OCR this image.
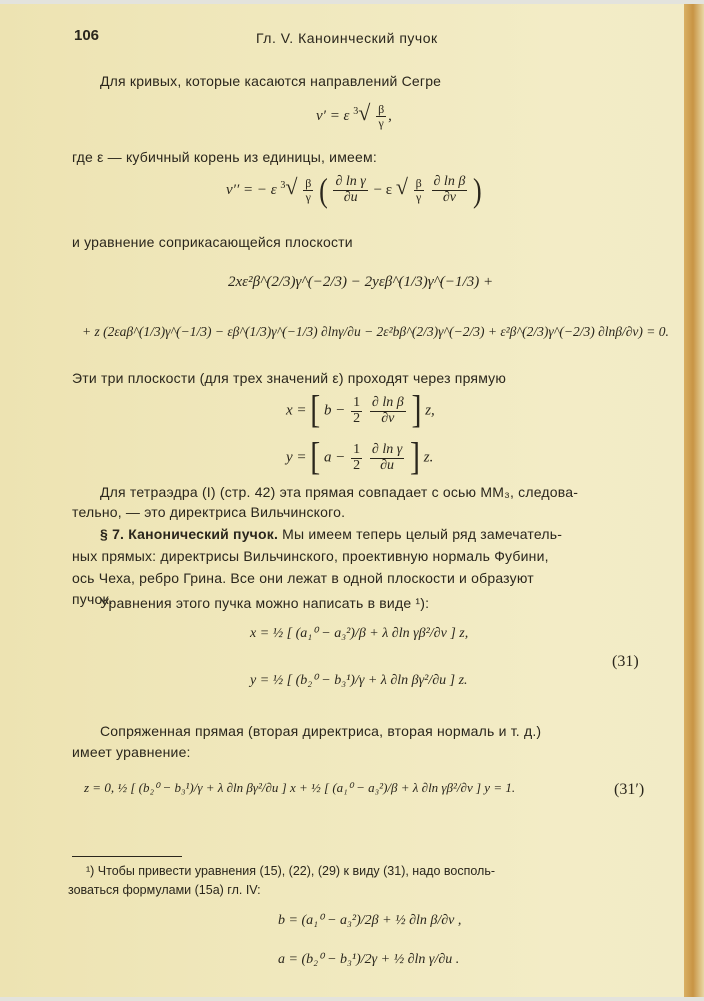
106	Гл. V. Каноинческий пучок
Для кривых, которые касаются направлений Сегре
v′ = ε $^3√ \frac{\beta}{\gamma}$ ,
где ε — кубичный корень из единицы, имеем:
v′′ = − ε $^3√ \frac{\beta}{\gamma}$ ( $\frac{\text{∂ ln γ}}{\partial u} - \varepsilon$ √ $\frac{\beta}{\gamma}$
$\frac{\text{∂ ln β}}{\partial v}$ )
и уравнение соприкасающейся плоскости
2xε²β^(2/3)γ^(−2/3) − 2yεβ^(1/3)γ^(−1/3) +
+ z (2εaβ^(1/3)γ^(−1/3) − εβ^(1/3)γ^(−1/3) ∂lnγ/∂u − 2ε²bβ^(2/3)γ^(−2/3) + ε²β^(2/3)γ^(−2/3) ∂lnβ/∂v) = 0.
Эти три плоскости (для трех значений ε) проходят через прямую
x = [ $b - \frac{1}{2}$
$\frac{\text{∂ ln β}}{\partial v}$ ] z,
y = [ $a - \frac{1}{2}$
$\frac{\text{∂ ln γ}}{\partial u}$ ] z.
Для тетраэдра (I) (стр. 42) эта прямая совпадает с осью MM₃, следова-
тельно, — это директриса Вильчинского.
§ 7. Канонический пучок. Мы имеем теперь целый ряд замечатель-
ных прямых: директрисы Вильчинского, проективную нормаль Фубини,
ось Чеха, ребро Грина. Все они лежат в одной плоскости и образуют
пучок.
Уравнения этого пучка можно написать в виде ¹):
x = ½ [ (a₁⁰ − a₃²)/β + λ ∂ln γβ²/∂v ] z,
y = ½ [ (b₂⁰ − b₃¹)/γ + λ ∂ln βγ²/∂u ] z.
(31)
Сопряженная прямая (вторая директриса, вторая нормаль и т. д.)
имеет уравнение:
z = 0, ½ [ (b₂⁰ − b₃¹)/γ + λ ∂ln βγ²/∂u ] x + ½ [ (a₁⁰ − a₃²)/β + λ ∂ln γβ²/∂v ] y = 1.	(31′)
¹) Чтобы привести уравнения (15), (22), (29) к виду (31), надо восполь-
зоваться формулами (15a) гл. IV:
b = (a₁⁰ − a₃²)/2β + ½ ∂ln β/∂v ,
a = (b₂⁰ − b₃¹)/2γ + ½ ∂ln γ/∂u .
